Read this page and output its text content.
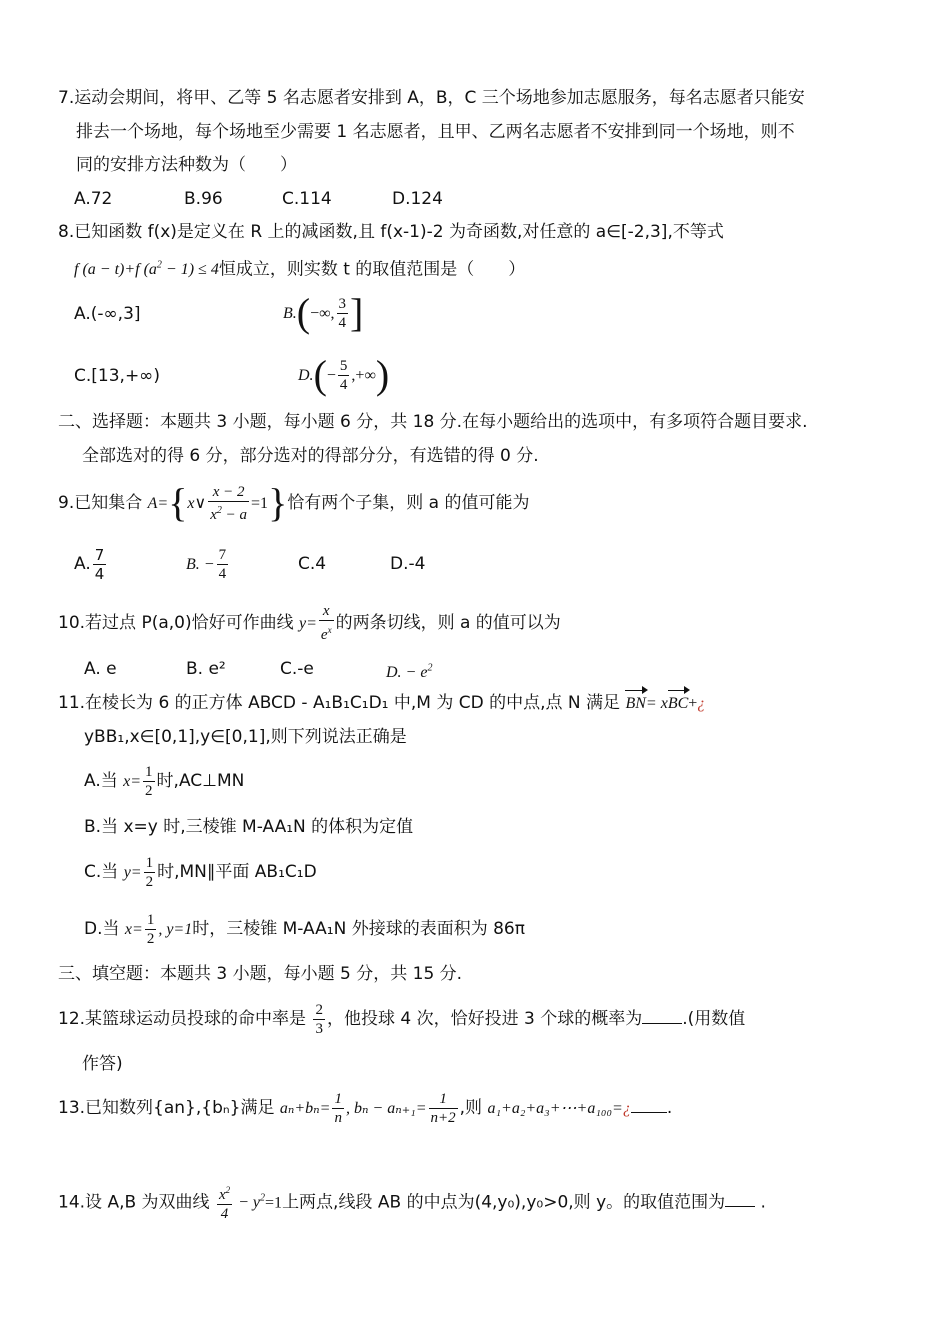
7.运动会期间，将甲、乙等 5 名志愿者安排到 A，B，C 三个场地参加志愿服务，每名志愿者只能安
排去一个场地，每个场地至少需要 1 名志愿者，且甲、乙两名志愿者不安排到同一个场地，则不
同的安排方法种数为（　　）
A.72	B.96	C.114	D.124
8.已知函数 f(x)是定义在 R 上的减函数,且 f(x-1)-2 为奇函数,对任意的 a∈[-2,3],不等式
f (a − t)+f $(a^2 - 1) \le 4$恒成立，则实数 t 的取值范围是（　　）
A.(-∞,3]	B.(−∞, $\frac{3}{4}$ ]
C.[13,+∞)	$D.(- \frac{5}{4}$ ,+∞)
二、选择题：本题共 3 小题，每小题 6 分，共 18 分.在每小题给出的选项中，有多项符合题目要求.
全部选对的得 6 分，部分选对的得部分分，有选错的得 0 分.
9.已知集合 A={x∨ $\frac{x - 2}{x^2 - a} =1$}恰有两个子集，则 a 的值可能为
A. $\frac{7}{4}$	B. − $\frac{7}{4}$	C.4	D.-4
10.若过点 P(a,0)恰好可作曲线 $y= \frac{x}{e^x}$ 的两条切线，则 a 的值可以为
A. e	B. e²	C.-e	D. − $e^2$
11.在棱长为 6 的正方体 ABCD - A₁B₁C₁D₁ 中,M 为 CD 的中点,点 N 满足 BN= xBC+¿
yBB₁,x∈[0,1],y∈[0,1],则下列说法正确是
A.当 $x= \frac{1}{2}$ 时,AC⊥MN
B.当 x=y 时,三棱锥 M-AA₁N 的体积为定值
C.当 $y= \frac{1}{2}$ 时,MN∥平面 AB₁C₁D
D.当 $x= \frac{1}{2}$ , y=1时，三棱锥 M-AA₁N 外接球的表面积为 86π
三、填空题：本题共 3 小题，每小题 5 分，共 15 分.
12.某篮球运动员投球的命中率是 $\frac{2}{3}$ ，他投球 4 次，恰好投进 3 个球的概率为 .(用数值
作答)
13.已知数列{an},{bₙ}满足 $a_n+b_n= \frac{1}{n}$ , $b_n - a_{n+1}= \frac{1}{n+2}$ ,则 a₁+a₂+a₃+⋯+a₁₀₀=¿ .
14.设 A,B 为双曲线 $\frac{x^2}{4} - y^2=1$上两点,线段 AB 的中点为(4,y₀),y₀>0,则 y。的取值范围为 .
